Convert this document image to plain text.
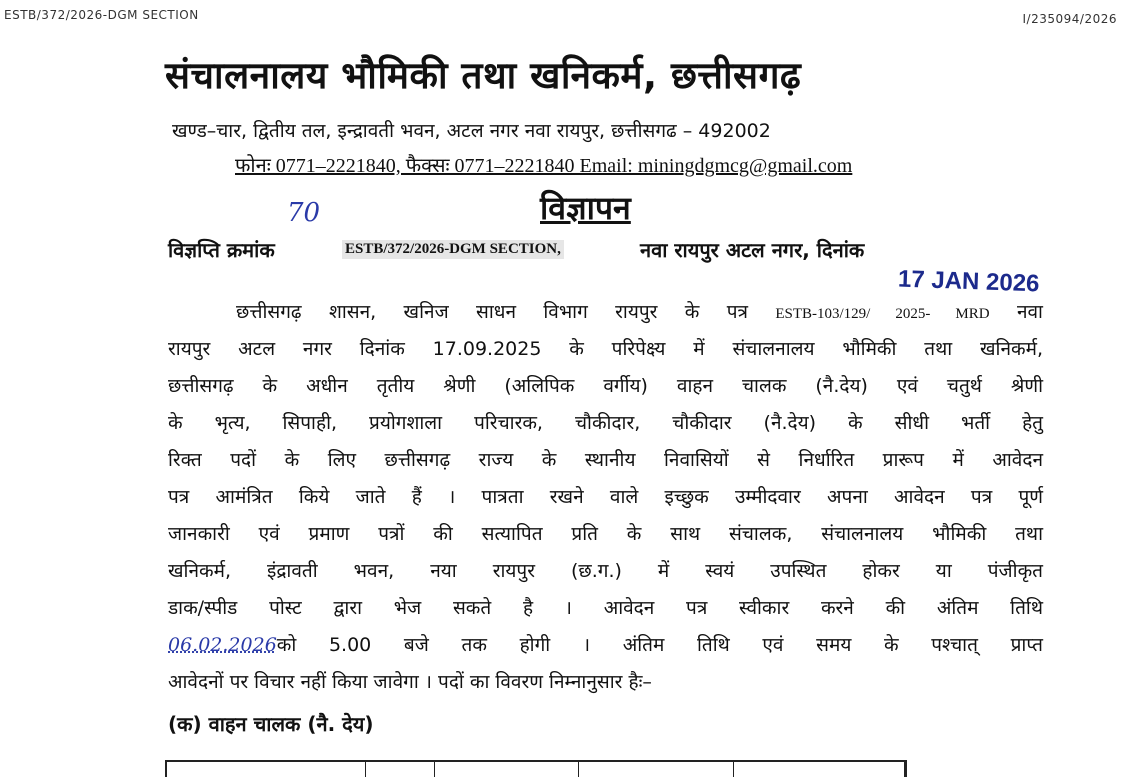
ESTB/372/2026-DGM SECTION	I/235094/2026
संचालनालय भौमिकी तथा खनिकर्म, छत्तीसगढ़
खण्ड–चार, द्वितीय तल, इन्द्रावती भवन, अटल नगर नवा रायपुर, छत्तीसगढ – 492002
फोनः 0771–2221840, फैक्सः 0771–2221840 Email: miningdgmcg@gmail.com
विज्ञापन
70
विज्ञप्ति क्रमांक	ESTB/372/2026-DGM SECTION,	नवा रायपुर अटल नगर, दिनांक
17 JAN 2026
छत्तीसगढ़ शासन, खनिज साधन विभाग रायपुर के पत्र ESTB-103/129/ 2025- MRD नवा
रायपुर अटल नगर दिनांक 17.09.2025 के परिपेक्ष्य में संचालनालय भौमिकी तथा खनिकर्म,
छत्तीसगढ़ के अधीन तृतीय श्रेणी (अलिपिक वर्गीय) वाहन चालक (नै.देय) एवं चतुर्थ श्रेणी
के भृत्य, सिपाही, प्रयोगशाला परिचारक, चौकीदार, चौकीदार (नै.देय) के सीधी भर्ती हेतु
रिक्त पदों के लिए छत्तीसगढ़ राज्य के स्थानीय निवासियों से निर्धारित प्रारूप में आवेदन
पत्र आमंत्रित किये जाते हैं । पात्रता रखने वाले इच्छुक उम्मीदवार अपना आवेदन पत्र पूर्ण
जानकारी एवं प्रमाण पत्रों की सत्यापित प्रति के साथ संचालक, संचालनालय भौमिकी तथा
खनिकर्म, इंद्रावती भवन, नया रायपुर (छ.ग.) में स्वयं उपस्थित होकर या पंजीकृत
डाक/स्पीड पोस्ट द्वारा भेज सकते है । आवेदन पत्र स्वीकार करने की अंतिम तिथि
06.02.2026को 5.00 बजे तक होगी । अंतिम तिथि एवं समय के पश्चात् प्राप्त
आवेदनों पर विचार नहीं किया जावेगा । पदों का विवरण निम्नानुसार हैः–
(क) वाहन चालक (नै. देय)
